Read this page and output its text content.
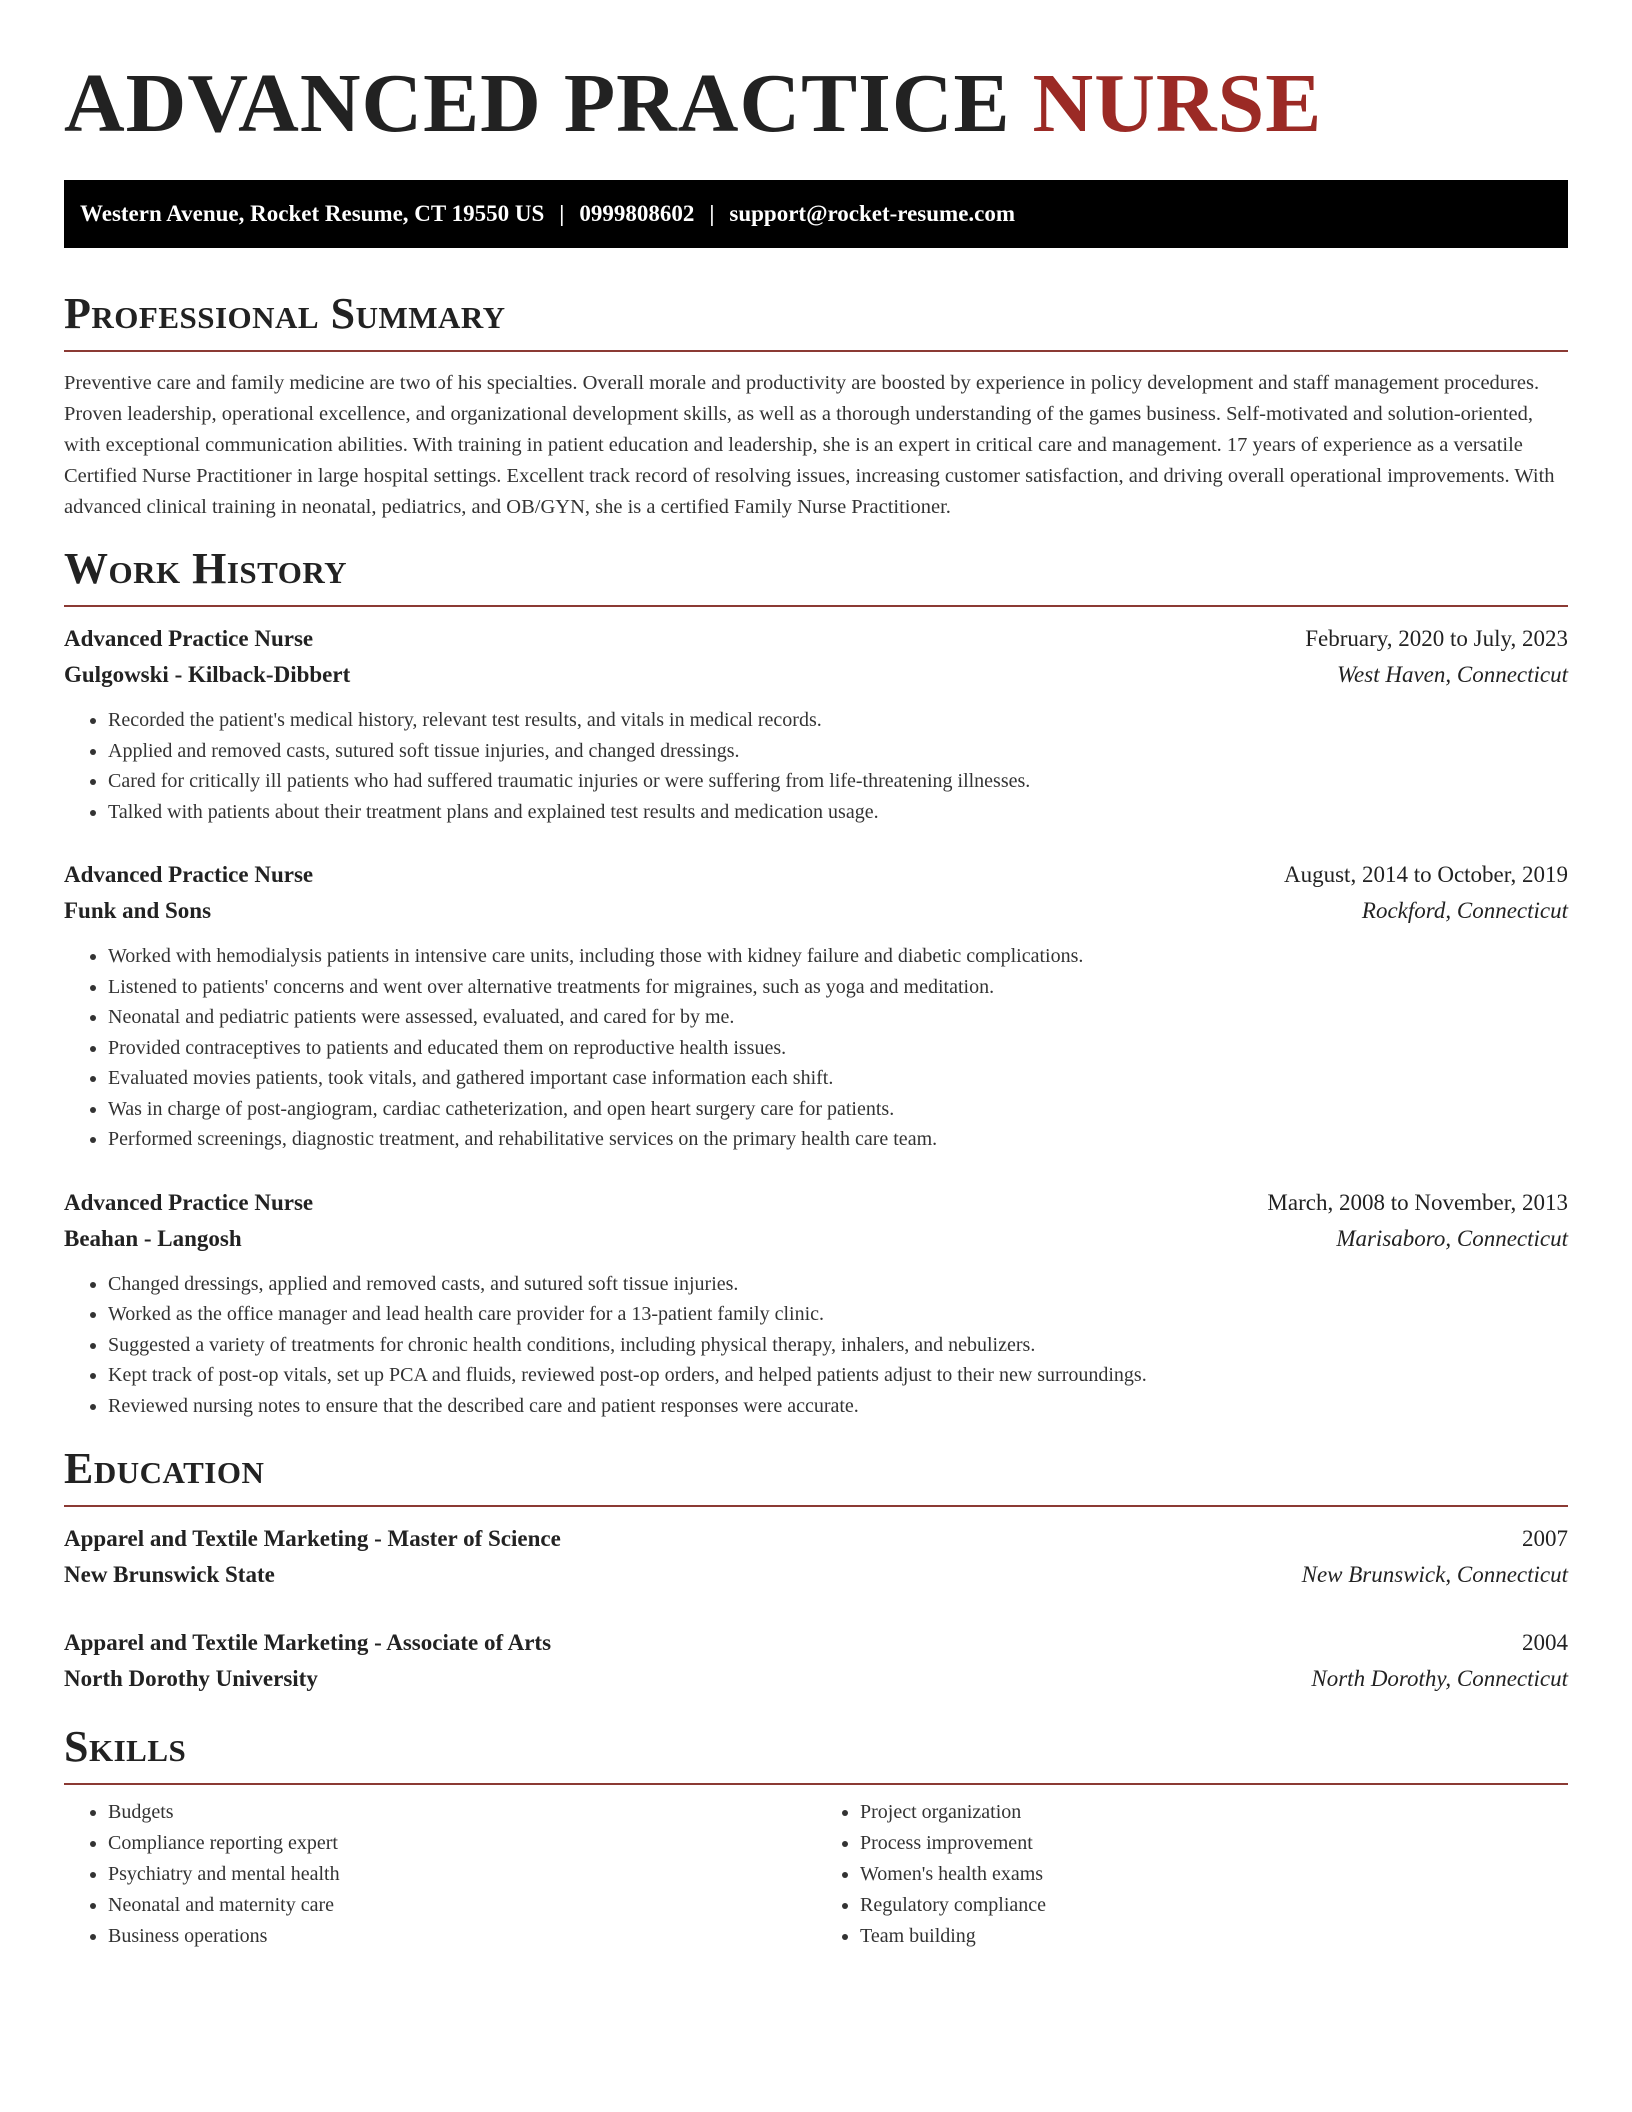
ADVANCED PRACTICE NURSE
Western Avenue, Rocket Resume, CT 19550 US | 0999808602 | support@rocket-resume.com
Professional Summary

Preventive care and family medicine are two of his specialties. Overall morale and productivity are boosted by experience in policy development and staff management procedures. Proven leadership, operational excellence, and organizational development skills, as well as a thorough understanding of the games business. Self-motivated and solution-oriented, with exceptional communication abilities. With training in patient education and leadership, she is an expert in critical care and management. 17 years of experience as a versatile Certified Nurse Practitioner in large hospital settings. Excellent track record of resolving issues, increasing customer satisfaction, and driving overall operational improvements. With advanced clinical training in neonatal, pediatrics, and OB/GYN, she is a certified Family Nurse Practitioner.

Work History
Advanced Practice Nurse	February, 2020 to July, 2023
Gulgowski - Kilback-Dibbert	West Haven, Connecticut
• Recorded the patient's medical history, relevant test results, and vitals in medical records.
• Applied and removed casts, sutured soft tissue injuries, and changed dressings.
• Cared for critically ill patients who had suffered traumatic injuries or were suffering from life-threatening illnesses.
• Talked with patients about their treatment plans and explained test results and medication usage.
Advanced Practice Nurse	August, 2014 to October, 2019
Funk and Sons	Rockford, Connecticut
• Worked with hemodialysis patients in intensive care units, including those with kidney failure and diabetic complications.
• Listened to patients' concerns and went over alternative treatments for migraines, such as yoga and meditation.
• Neonatal and pediatric patients were assessed, evaluated, and cared for by me.
• Provided contraceptives to patients and educated them on reproductive health issues.
• Evaluated movies patients, took vitals, and gathered important case information each shift.
• Was in charge of post-angiogram, cardiac catheterization, and open heart surgery care for patients.
• Performed screenings, diagnostic treatment, and rehabilitative services on the primary health care team.
Advanced Practice Nurse	March, 2008 to November, 2013
Beahan - Langosh	Marisaboro, Connecticut
• Changed dressings, applied and removed casts, and sutured soft tissue injuries.
• Worked as the office manager and lead health care provider for a 13-patient family clinic.
• Suggested a variety of treatments for chronic health conditions, including physical therapy, inhalers, and nebulizers.
• Kept track of post-op vitals, set up PCA and fluids, reviewed post-op orders, and helped patients adjust to their new surroundings.
• Reviewed nursing notes to ensure that the described care and patient responses were accurate.
Education
Apparel and Textile Marketing - Master of Science	2007
New Brunswick State	New Brunswick, Connecticut
Apparel and Textile Marketing - Associate of Arts	2004
North Dorothy University	North Dorothy, Connecticut
Skills
• Budgets
• Compliance reporting expert
• Psychiatry and mental health
• Neonatal and maternity care
• Business operations
• Project organization
• Process improvement
• Women's health exams
• Regulatory compliance
• Team building
